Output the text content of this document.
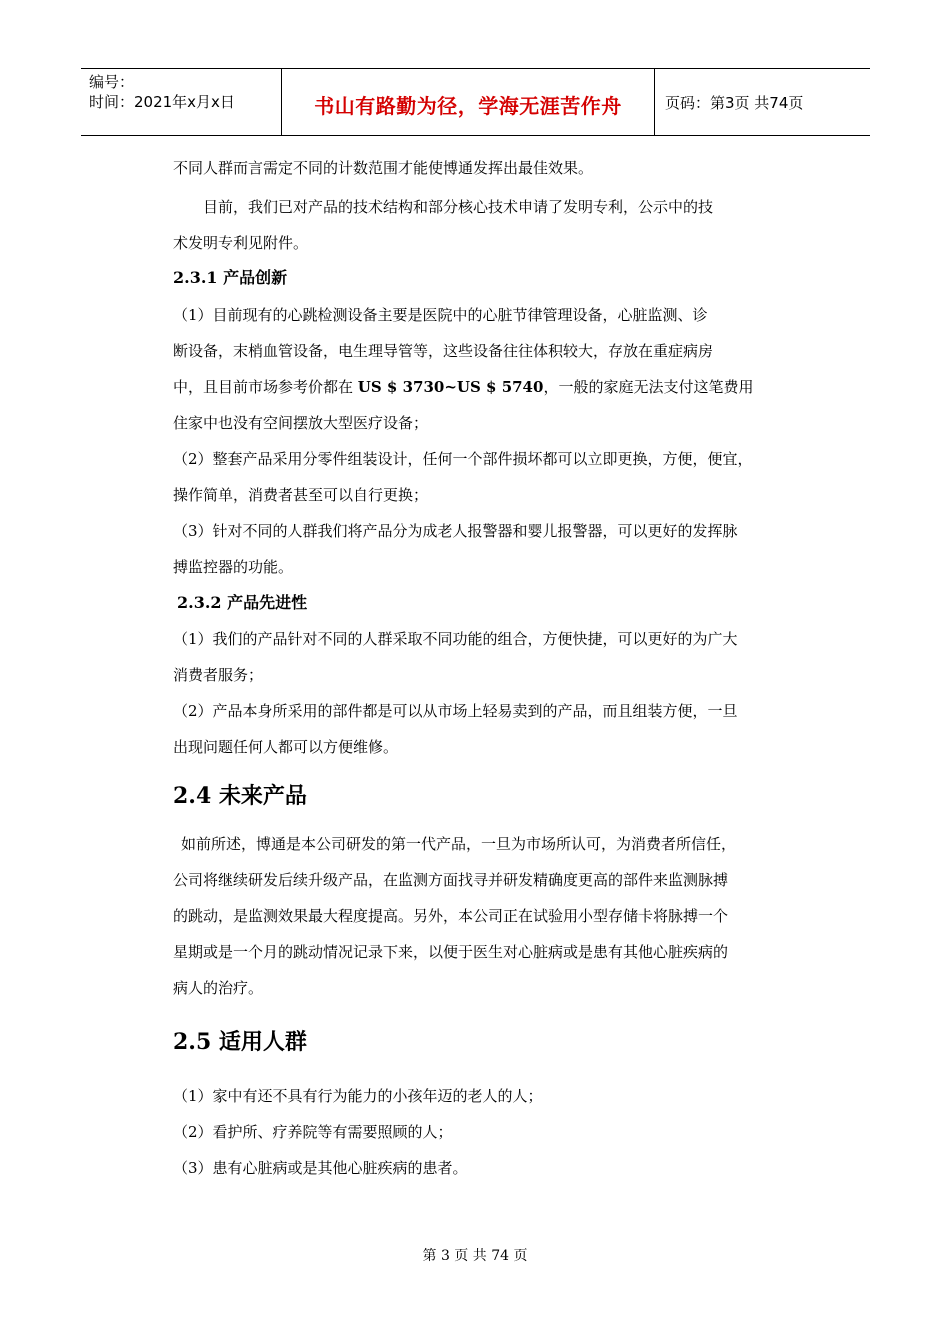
编号：
时间：2021年x月x日	书山有路勤为径，学海无涯苦作舟	页码：第3页 共74页

不同人群而言需定不同的计数范围才能使博通发挥出最佳效果。

目前，我们已对产品的技术结构和部分核心技术申请了发明专利，公示中的技

术发明专利见附件。

2.3.1 产品创新

（1）目前现有的心跳检测设备主要是医院中的心脏节律管理设备，心脏监测、诊

断设备，末梢血管设备，电生理导管等，这些设备往往体积较大，存放在重症病房

中，且目前市场参考价都在 US $ 3730~US $ 5740，一般的家庭无法支付这笔费用

住家中也没有空间摆放大型医疗设备；

（2）整套产品采用分零件组装设计，任何一个部件损坏都可以立即更换，方便，便宜，

操作简单，消费者甚至可以自行更换；

（3）针对不同的人群我们将产品分为成老人报警器和婴儿报警器，可以更好的发挥脉

搏监控器的功能。

2.3.2 产品先进性

（1）我们的产品针对不同的人群采取不同功能的组合，方便快捷，可以更好的为广大

消费者服务；

（2）产品本身所采用的部件都是可以从市场上轻易卖到的产品，而且组装方便，一旦

出现问题任何人都可以方便维修。

2.4 未来产品

如前所述，博通是本公司研发的第一代产品，一旦为市场所认可，为消费者所信任，

公司将继续研发后续升级产品，在监测方面找寻并研发精确度更高的部件来监测脉搏

的跳动，是监测效果最大程度提高。另外，本公司正在试验用小型存储卡将脉搏一个

星期或是一个月的跳动情况记录下来，以便于医生对心脏病或是患有其他心脏疾病的

病人的治疗。

2.5 适用人群

（1）家中有还不具有行为能力的小孩年迈的老人的人；

（2）看护所、疗养院等有需要照顾的人；

（3）患有心脏病或是其他心脏疾病的患者。

第 3 页 共 74 页
